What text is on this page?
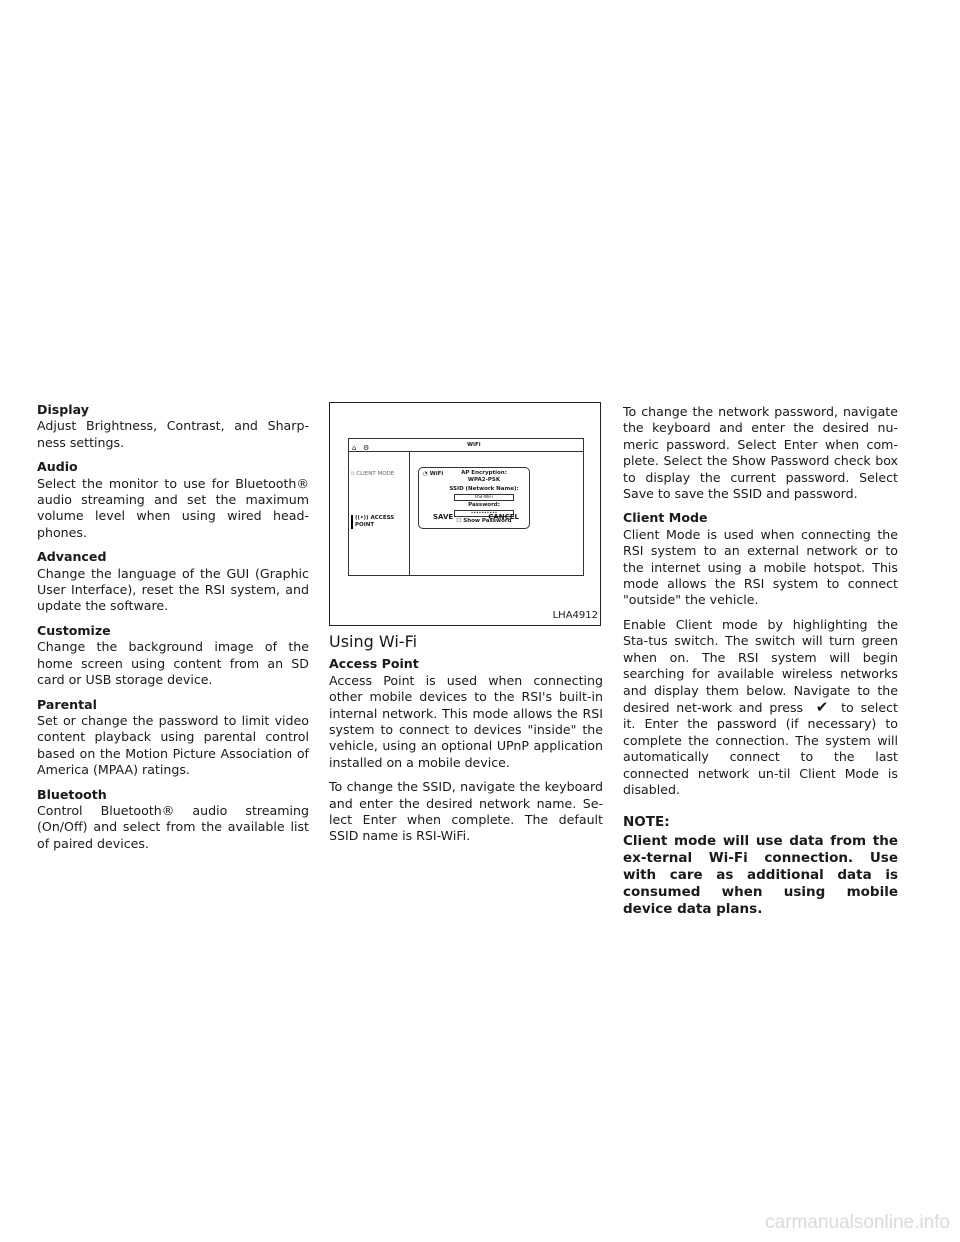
Display

Adjust Brightness, Contrast, and Sharp-ness settings.

Audio

Select the monitor to use for Bluetooth® audio streaming and set the maximum volume level when using wired head-phones.

Advanced

Change the language of the GUI (Graphic User Interface), reset the RSI system, and update the software.

Customize

Change the background image of the home screen using content from an SD card or USB storage device.

Parental

Set or change the password to limit video content playback using parental control based on the Motion Picture Association of America (MPAA) ratings.

Bluetooth

Control Bluetooth® audio streaming (On/Off) and select from the available list of paired devices.

⌂ ⚙	WiFi
⁞⁞ CLIENT MODE
((•)) ACCESS POINT
◔ WiFi	AP Encryption:
WPA2-PSK
SSID (Network Name):
RSI-WiFi
Password:
••••••••••
☐ Show Password
SAVE	CANCEL
LHA4912
Using Wi-Fi
Access Point

Access Point is used when connecting other mobile devices to the RSI's built-in internal network. This mode allows the RSI system to connect to devices "inside" the vehicle, using an optional UPnP application installed on a mobile device.

To change the SSID, navigate the keyboard and enter the desired network name. Se-lect Enter when complete. The default SSID name is RSI-WiFi.

To change the network password, navigate the keyboard and enter the desired nu-meric password. Select Enter when com-plete. Select the Show Password check box to display the current password. Select Save to save the SSID and password.

Client Mode

Client Mode is used when connecting the RSI system to an external network or to the internet using a mobile hotspot. This mode allows the RSI system to connect "outside" the vehicle.

Enable Client mode by highlighting the Sta-tus switch. The switch will turn green when on. The RSI system will begin searching for available wireless networks and display them below. Navigate to the desired net-work and press ✔ to select it. Enter the password (if necessary) to complete the connection. The system will automatically connect to the last connected network un-til Client Mode is disabled.

NOTE:

Client mode will use data from the ex-ternal Wi-Fi connection. Use with care as additional data is consumed when using mobile device data plans.

carmanualsonline.info
